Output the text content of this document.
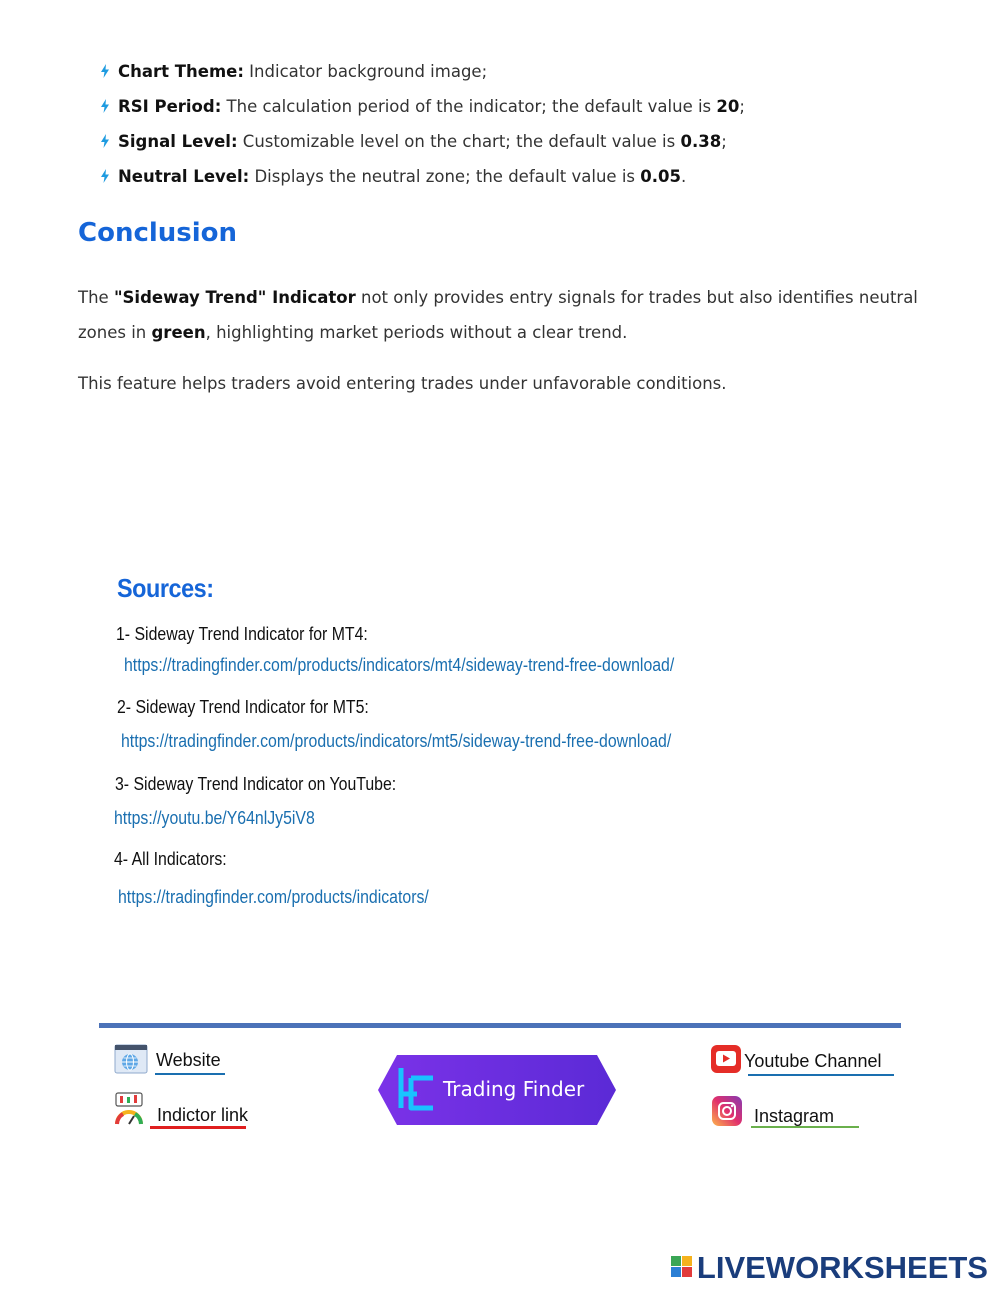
Chart Theme: Indicator background image;
RSI Period: The calculation period of the indicator; the default value is 20;
Signal Level: Customizable level on the chart; the default value is 0.38;
Neutral Level: Displays the neutral zone; the default value is 0.05.
Conclusion

The "Sideway Trend" Indicator not only provides entry signals for trades but also identifies neutral zones in green, highlighting market periods without a clear trend.

This feature helps traders avoid entering trades under unfavorable conditions.

Sources:
1- Sideway Trend Indicator for MT4:
https://tradingfinder.com/products/indicators/mt4/sideway-trend-free-download/
2- Sideway Trend Indicator for MT5:
https://tradingfinder.com/products/indicators/mt5/sideway-trend-free-download/
3- Sideway Trend Indicator on YouTube:
https://youtu.be/Y64nlJy5iV8
4- All Indicators:
https://tradingfinder.com/products/indicators/
Website
Indictor link
Trading Finder
Youtube Channel
Instagram
LIVEWORKSHEETS
